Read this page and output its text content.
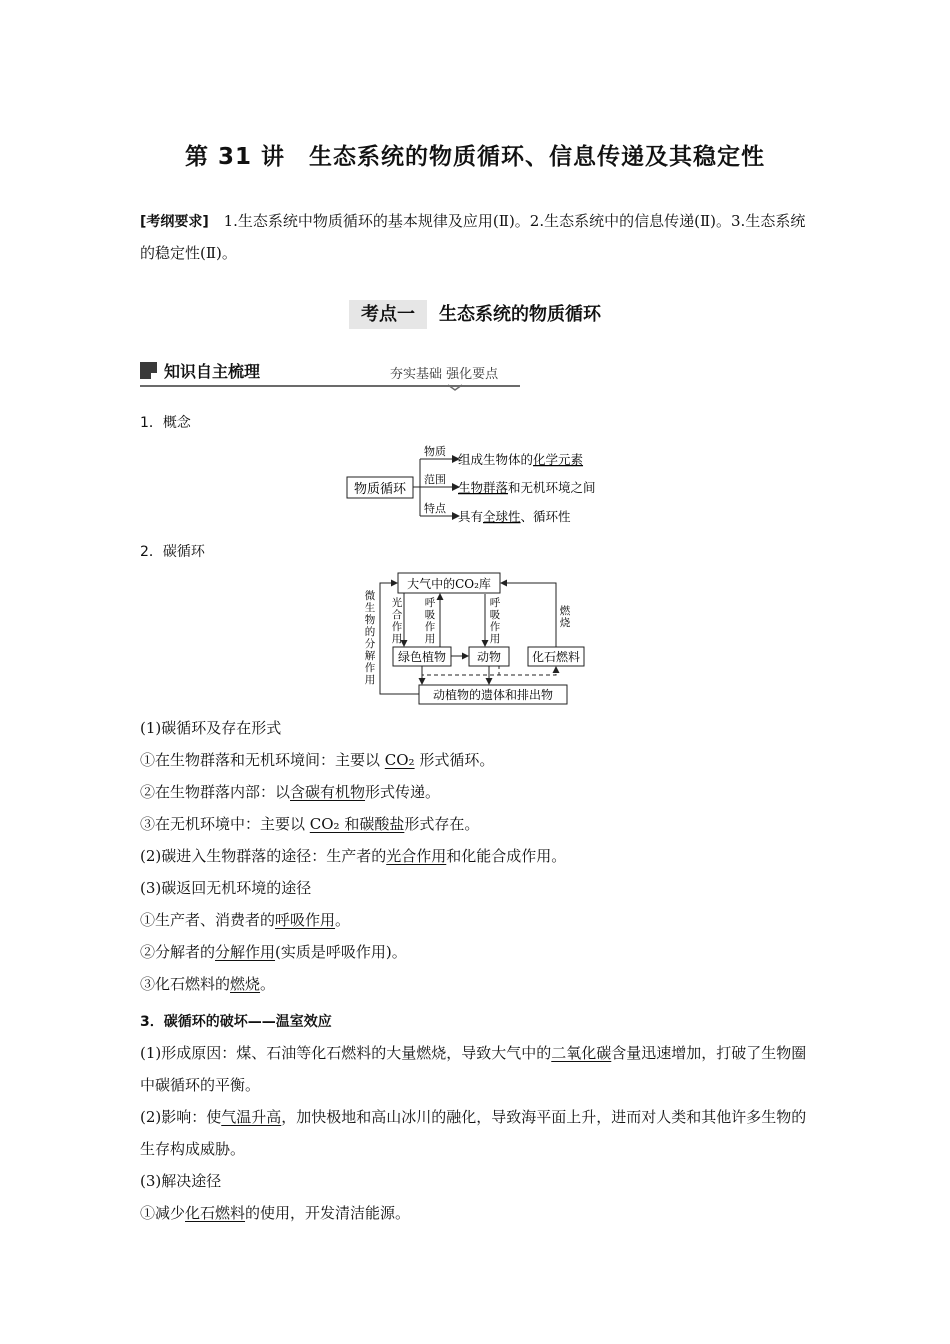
第 31 讲　生态系统的物质循环、信息传递及其稳定性
[考纲要求] 1.生态系统中物质循环的基本规律及应用(Ⅱ)。2.生态系统中的信息传递(Ⅱ)。3.生态系统的稳定性(Ⅱ)。
考点一 生态系统的物质循环
知识自主梳理	夯实基础 强化要点
1．概念
物质循环
物质
范围
特点
组成生物体的化学元素
生物群落和无机环境之间
具有全球性、循环性
2．碳循环
大气中的CO₂库
绿色植物	动物	化石燃料
动植物的遗体和排出物
微生物的分解作用
光合作用
呼吸作用
呼吸作用
燃烧
(1)碳循环及存在形式
①在生物群落和无机环境间：主要以 CO₂ 形式循环。
②在生物群落内部：以含碳有机物形式传递。
③在无机环境中：主要以 CO₂ 和碳酸盐形式存在。
(2)碳进入生物群落的途径：生产者的光合作用和化能合成作用。
(3)碳返回无机环境的途径
①生产者、消费者的呼吸作用。
②分解者的分解作用(实质是呼吸作用)。
③化石燃料的燃烧。
3．碳循环的破坏——温室效应
(1)形成原因：煤、石油等化石燃料的大量燃烧，导致大气中的二氧化碳含量迅速增加，打破了生物圈中碳循环的平衡。
(2)影响：使气温升高，加快极地和高山冰川的融化，导致海平面上升，进而对人类和其他许多生物的生存构成威胁。
(3)解决途径
①减少化石燃料的使用，开发清洁能源。
